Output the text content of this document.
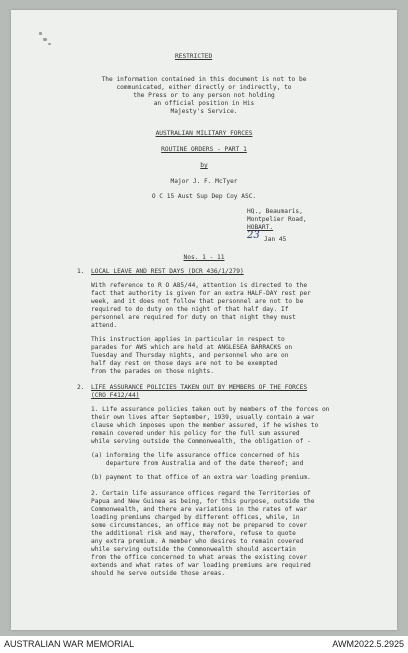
RESTRICTED

The information contained in this document is not to be

communicated, either directly or indirectly, to

the Press or to any person not holding

an official position in His

Majesty's Service.

AUSTRALIAN MILITARY FORCES

ROUTINE ORDERS - PART 1

by

Major J. F. McTyer

O C 15 Aust Sup Dep Coy ASC.

HQ., Beaumaris,

Montpelier Road,

HOBART.

23 Jan 45

Nos. 1 - 11

1. LOCAL LEAVE AND REST DAYS (DCR 436/1/279)

With reference to R O A85/44, attention is directed to the

fact that authority is given for an extra HALF-DAY rest per

week, and it does not follow that personnel are not to be

required to do duty on the night of that half day. If

personnel are required for duty on that night they must

attend.

This instruction applies in particular in respect to

parades for AWS which are held at ANGLESEA BARRACKS on

Tuesday and Thursday nights, and personnel who are on

half day rest on those days are not to be exempted

from the parades on those nights.

2. LIFE ASSURANCE POLICIES TAKEN OUT BY MEMBERS OF THE FORCES
(CRO F412/44)

1. Life assurance policies taken out by members of the forces on

their own lives after September, 1939, usually contain a war

clause which imposes upon the member assured, if he wishes to

remain covered under his policy for the full sum assured

while serving outside the Commonwealth, the obligation of -

(a) informing the life assurance office concerned of his

departure from Australia and of the date thereof; and

(b) payment to that office of an extra war loading premium.

2. Certain life assurance offices regard the Territories of

Papua and New Guinea as being, for this purpose, outside the

Commonwealth, and there are variations in the rates of war

loading premiums charged by different offices, while, in

some circumstances, an office may not be prepared to cover

the additional risk and may, therefore, refuse to quote

any extra premium. A member who desires to remain covered

while serving outside the Commonwealth should ascertain

from the office concerned to what areas the existing cover

extends and what rates of war loading premiums are required

should he serve outside those areas.

AUSTRALIAN WAR MEMORIAL	AWM2022.5.2925
